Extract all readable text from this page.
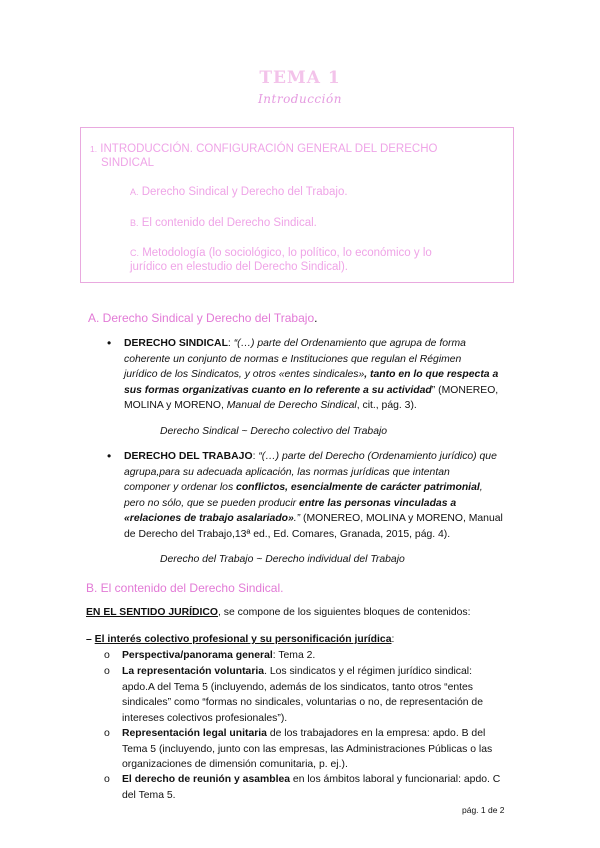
TEMA 1
Introducción
1. INTRODUCCIÓN. CONFIGURACIÓN GENERAL DEL DERECHO
SINDICAL
A. Derecho Sindical y Derecho del Trabajo.
B. El contenido del Derecho Sindical.
C. Metodología (lo sociológico, lo político, lo económico y lo
jurídico en elestudio del Derecho Sindical).
A. Derecho Sindical y Derecho del Trabajo.
• DERECHO SINDICAL: “(…) parte del Ordenamiento que agrupa de forma
coherente un conjunto de normas e Instituciones que regulan el Régimen
jurídico de los Sindicatos, y otros «entes sindicales», tanto en lo que respecta a
sus formas organizativas cuanto en lo referente a su actividad” (MONEREO,
MOLINA y MORENO, Manual de Derecho Sindical, cit., pág. 3).
Derecho Sindical ~ Derecho colectivo del Trabajo
• DERECHO DEL TRABAJO: “(…) parte del Derecho (Ordenamiento jurídico) que
agrupa,para su adecuada aplicación, las normas jurídicas que intentan
componer y ordenar los conflictos, esencialmente de carácter patrimonial,
pero no sólo, que se pueden producir entre las personas vinculadas a
«relaciones de trabajo asalariado».” (MONEREO, MOLINA y MORENO, Manual
de Derecho del Trabajo,13ª ed., Ed. Comares, Granada, 2015, pág. 4).
Derecho del Trabajo ~ Derecho individual del Trabajo
B. El contenido del Derecho Sindical.
EN EL SENTIDO JURÍDICO, se compone de los siguientes bloques de contenidos:
– El interés colectivo profesional y su personificación jurídica:
o Perspectiva/panorama general: Tema 2.
o La representación voluntaria. Los sindicatos y el régimen jurídico sindical:
apdo.A del Tema 5 (incluyendo, además de los sindicatos, tanto otros “entes
sindicales” como “formas no sindicales, voluntarias o no, de representación de
intereses colectivos profesionales”).
o Representación legal unitaria de los trabajadores en la empresa: apdo. B del
Tema 5 (incluyendo, junto con las empresas, las Administraciones Públicas o las
organizaciones de dimensión comunitaria, p. ej.).
o El derecho de reunión y asamblea en los ámbitos laboral y funcionarial: apdo. C
del Tema 5.
pág. 1 de 2
